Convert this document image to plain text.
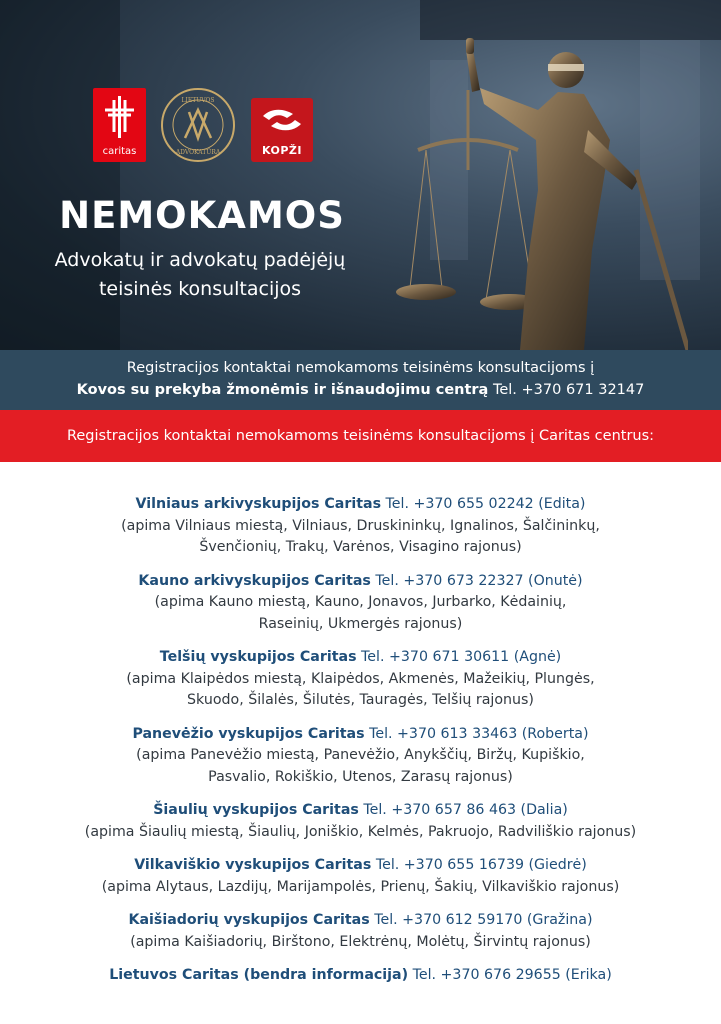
caritas
LIETUVOS
ADVOKATŪRA	KOPŽI
NEMOKAMOS
Advokatų ir advokatų padėjėjų
teisinės konsultacijos
Registracijos kontaktai nemokamoms teisinėms konsultacijoms į
Kovos su prekyba žmonėmis ir išnaudojimu centrą Tel. +370 671 32147
Registracijos kontaktai nemokamoms teisinėms konsultacijoms į Caritas centrus:
Vilniaus arkivyskupijos Caritas Tel. +370 655 02242 (Edita)
(apima Vilniaus miestą, Vilniaus, Druskininkų, Ignalinos, Šalčininkų,
Švenčionių, Trakų, Varėnos, Visagino rajonus)
Kauno arkivyskupijos Caritas Tel. +370 673 22327 (Onutė)
(apima Kauno miestą, Kauno, Jonavos, Jurbarko, Kėdainių,
Raseinių, Ukmergės rajonus)
Telšių vyskupijos Caritas Tel. +370 671 30611 (Agnė)
(apima Klaipėdos miestą, Klaipėdos, Akmenės, Mažeikių, Plungės,
Skuodo, Šilalės, Šilutės, Tauragės, Telšių rajonus)
Panevėžio vyskupijos Caritas Tel. +370 613 33463 (Roberta)
(apima Panevėžio miestą, Panevėžio, Anykščių, Biržų, Kupiškio,
Pasvalio, Rokiškio, Utenos, Zarasų rajonus)
Šiaulių vyskupijos Caritas Tel. +370 657 86 463 (Dalia)
(apima Šiaulių miestą, Šiaulių, Joniškio, Kelmės, Pakruojo, Radviliškio rajonus)
Vilkaviškio vyskupijos Caritas Tel. +370 655 16739 (Giedrė)
(apima Alytaus, Lazdijų, Marijampolės, Prienų, Šakių, Vilkaviškio rajonus)
Kaišiadorių vyskupijos Caritas Tel. +370 612 59170 (Gražina)
(apima Kaišiadorių, Birštono, Elektrėnų, Molėtų, Širvintų rajonus)
Lietuvos Caritas (bendra informacija) Tel. +370 676 29655 (Erika)
